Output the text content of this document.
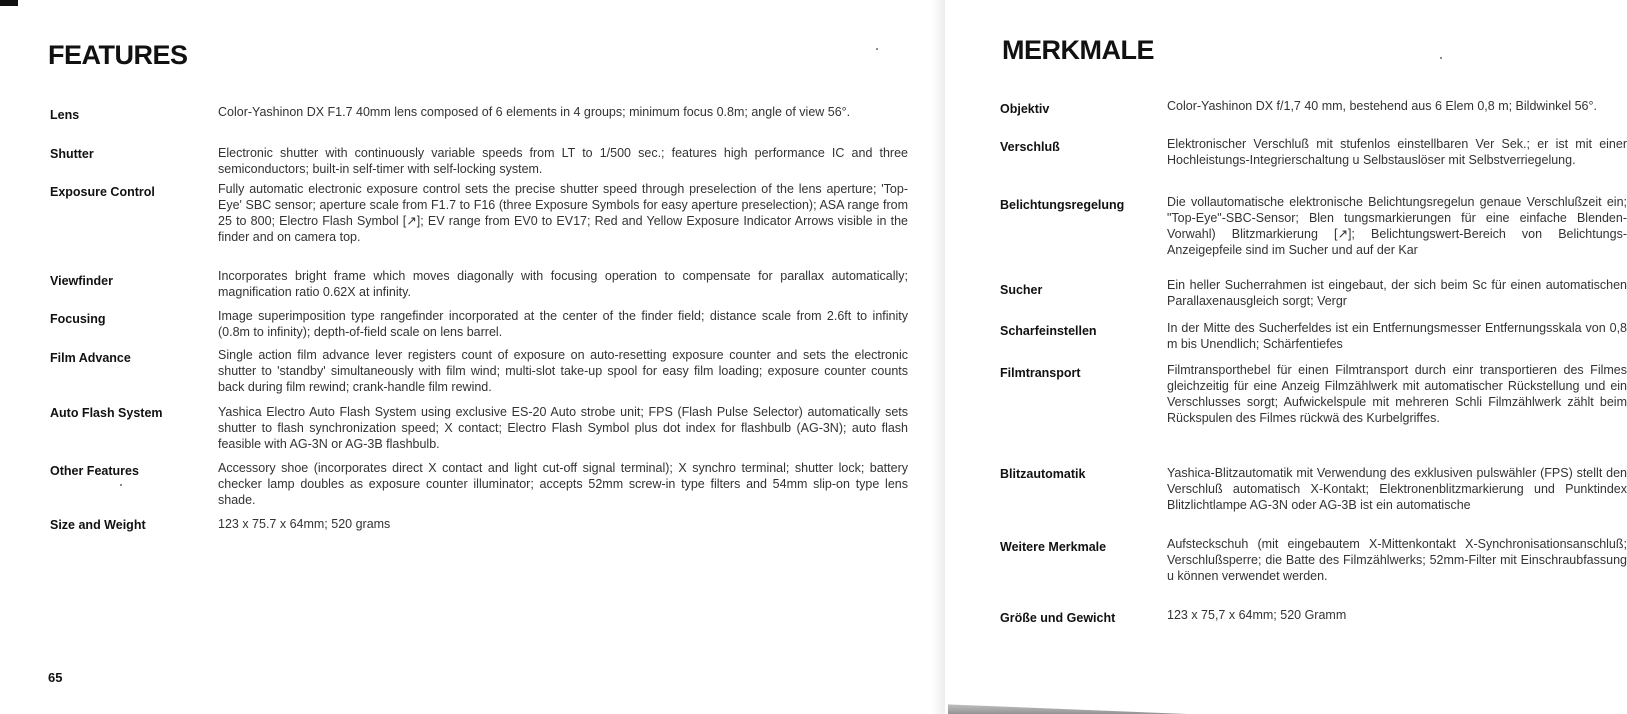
FEATURES
Lens	Color-Yashinon DX F1.7 40mm lens composed of 6 elements in 4 groups; minimum focus 0.8m; angle of view 56°.

Shutter	Electronic shutter with continuously variable speeds from LT to 1/500 sec.; features high performance IC and three semiconductors; built-in self-timer with self-locking system.

Exposure Control	Fully automatic electronic exposure control sets the precise shutter speed through preselection of the lens aperture; 'Top-Eye' SBC sensor; aperture scale from F1.7 to F16 (three Exposure Symbols for easy aperture preselection); ASA range from 25 to 800; Electro Flash Symbol [↗]; EV range from EV0 to EV17; Red and Yellow Exposure Indicator Arrows visible in the finder and on camera top.

Viewfinder	Incorporates bright frame which moves diagonally with focusing operation to compensate for parallax automatically; magnification ratio 0.62X at infinity.

Focusing	Image superimposition type rangefinder incorporated at the center of the finder field; distance scale from 2.6ft to infinity (0.8m to infinity); depth-of-field scale on lens barrel.

Film Advance	Single action film advance lever registers count of exposure on auto-resetting exposure counter and sets the electronic shutter to 'standby' simultaneously with film wind; multi-slot take-up spool for easy film loading; exposure counter counts back during film rewind; crank-handle film rewind.

Auto Flash System	Yashica Electro Auto Flash System using exclusive ES-20 Auto strobe unit; FPS (Flash Pulse Selector) automatically sets shutter to flash synchronization speed; X contact; Electro Flash Symbol plus dot index for flashbulb (AG-3N); auto flash feasible with AG-3N or AG-3B flashbulb.

Other Features	Accessory shoe (incorporates direct X contact and light cut-off signal terminal); X synchro terminal; shutter lock; battery checker lamp doubles as exposure counter illuminator; accepts 52mm screw-in type filters and 54mm slip-on type lens shade.

Size and Weight	123 x 75.7 x 64mm; 520 grams

65
MERKMALE
Objektiv	Color-Yashinon DX f/1,7 40 mm, bestehend aus 6 Elem 0,8 m; Bildwinkel 56°.

Verschluß	Elektronischer Verschluß mit stufenlos einstellbaren Ver Sek.; er ist mit einer Hochleistungs-Integrierschaltung u Selbstauslöser mit Selbstverriegelung.

Belichtungsregelung	Die vollautomatische elektronische Belichtungsregelun genaue Verschlußzeit ein; "Top-Eye"-SBC-Sensor; Blen tungsmarkierungen für eine einfache Blenden-Vorwahl) Blitzmarkierung [↗]; Belichtungswert-Bereich von Belichtungs-Anzeigepfeile sind im Sucher und auf der Kar

Sucher	Ein heller Sucherrahmen ist eingebaut, der sich beim Sc für einen automatischen Parallaxenausgleich sorgt; Vergr

Scharfeinstellen	In der Mitte des Sucherfeldes ist ein Entfernungsmesser Entfernungsskala von 0,8 m bis Unendlich; Schärfentiefes

Filmtransport	Filmtransporthebel für einen Filmtransport durch einr transportieren des Filmes gleichzeitig für eine Anzeig Filmzählwerk mit automatischer Rückstellung und ein Verschlusses sorgt; Aufwickelspule mit mehreren Schli Filmzählwerk zählt beim Rückspulen des Filmes rückwä des Kurbelgriffes.

Blitzautomatik	Yashica-Blitzautomatik mit Verwendung des exklusiven pulswähler (FPS) stellt den Verschluß automatisch X-Kontakt; Elektronenblitzmarkierung und Punktindex Blitzlichtlampe AG-3N oder AG-3B ist ein automatische

Weitere Merkmale	Aufsteckschuh (mit eingebautem X-Mittenkontakt X-Synchronisationsanschluß; Verschlußsperre; die Batte des Filmzählwerks; 52mm-Filter mit Einschraubfassung u können verwendet werden.

Größe und Gewicht	123 x 75,7 x 64mm; 520 Gramm
